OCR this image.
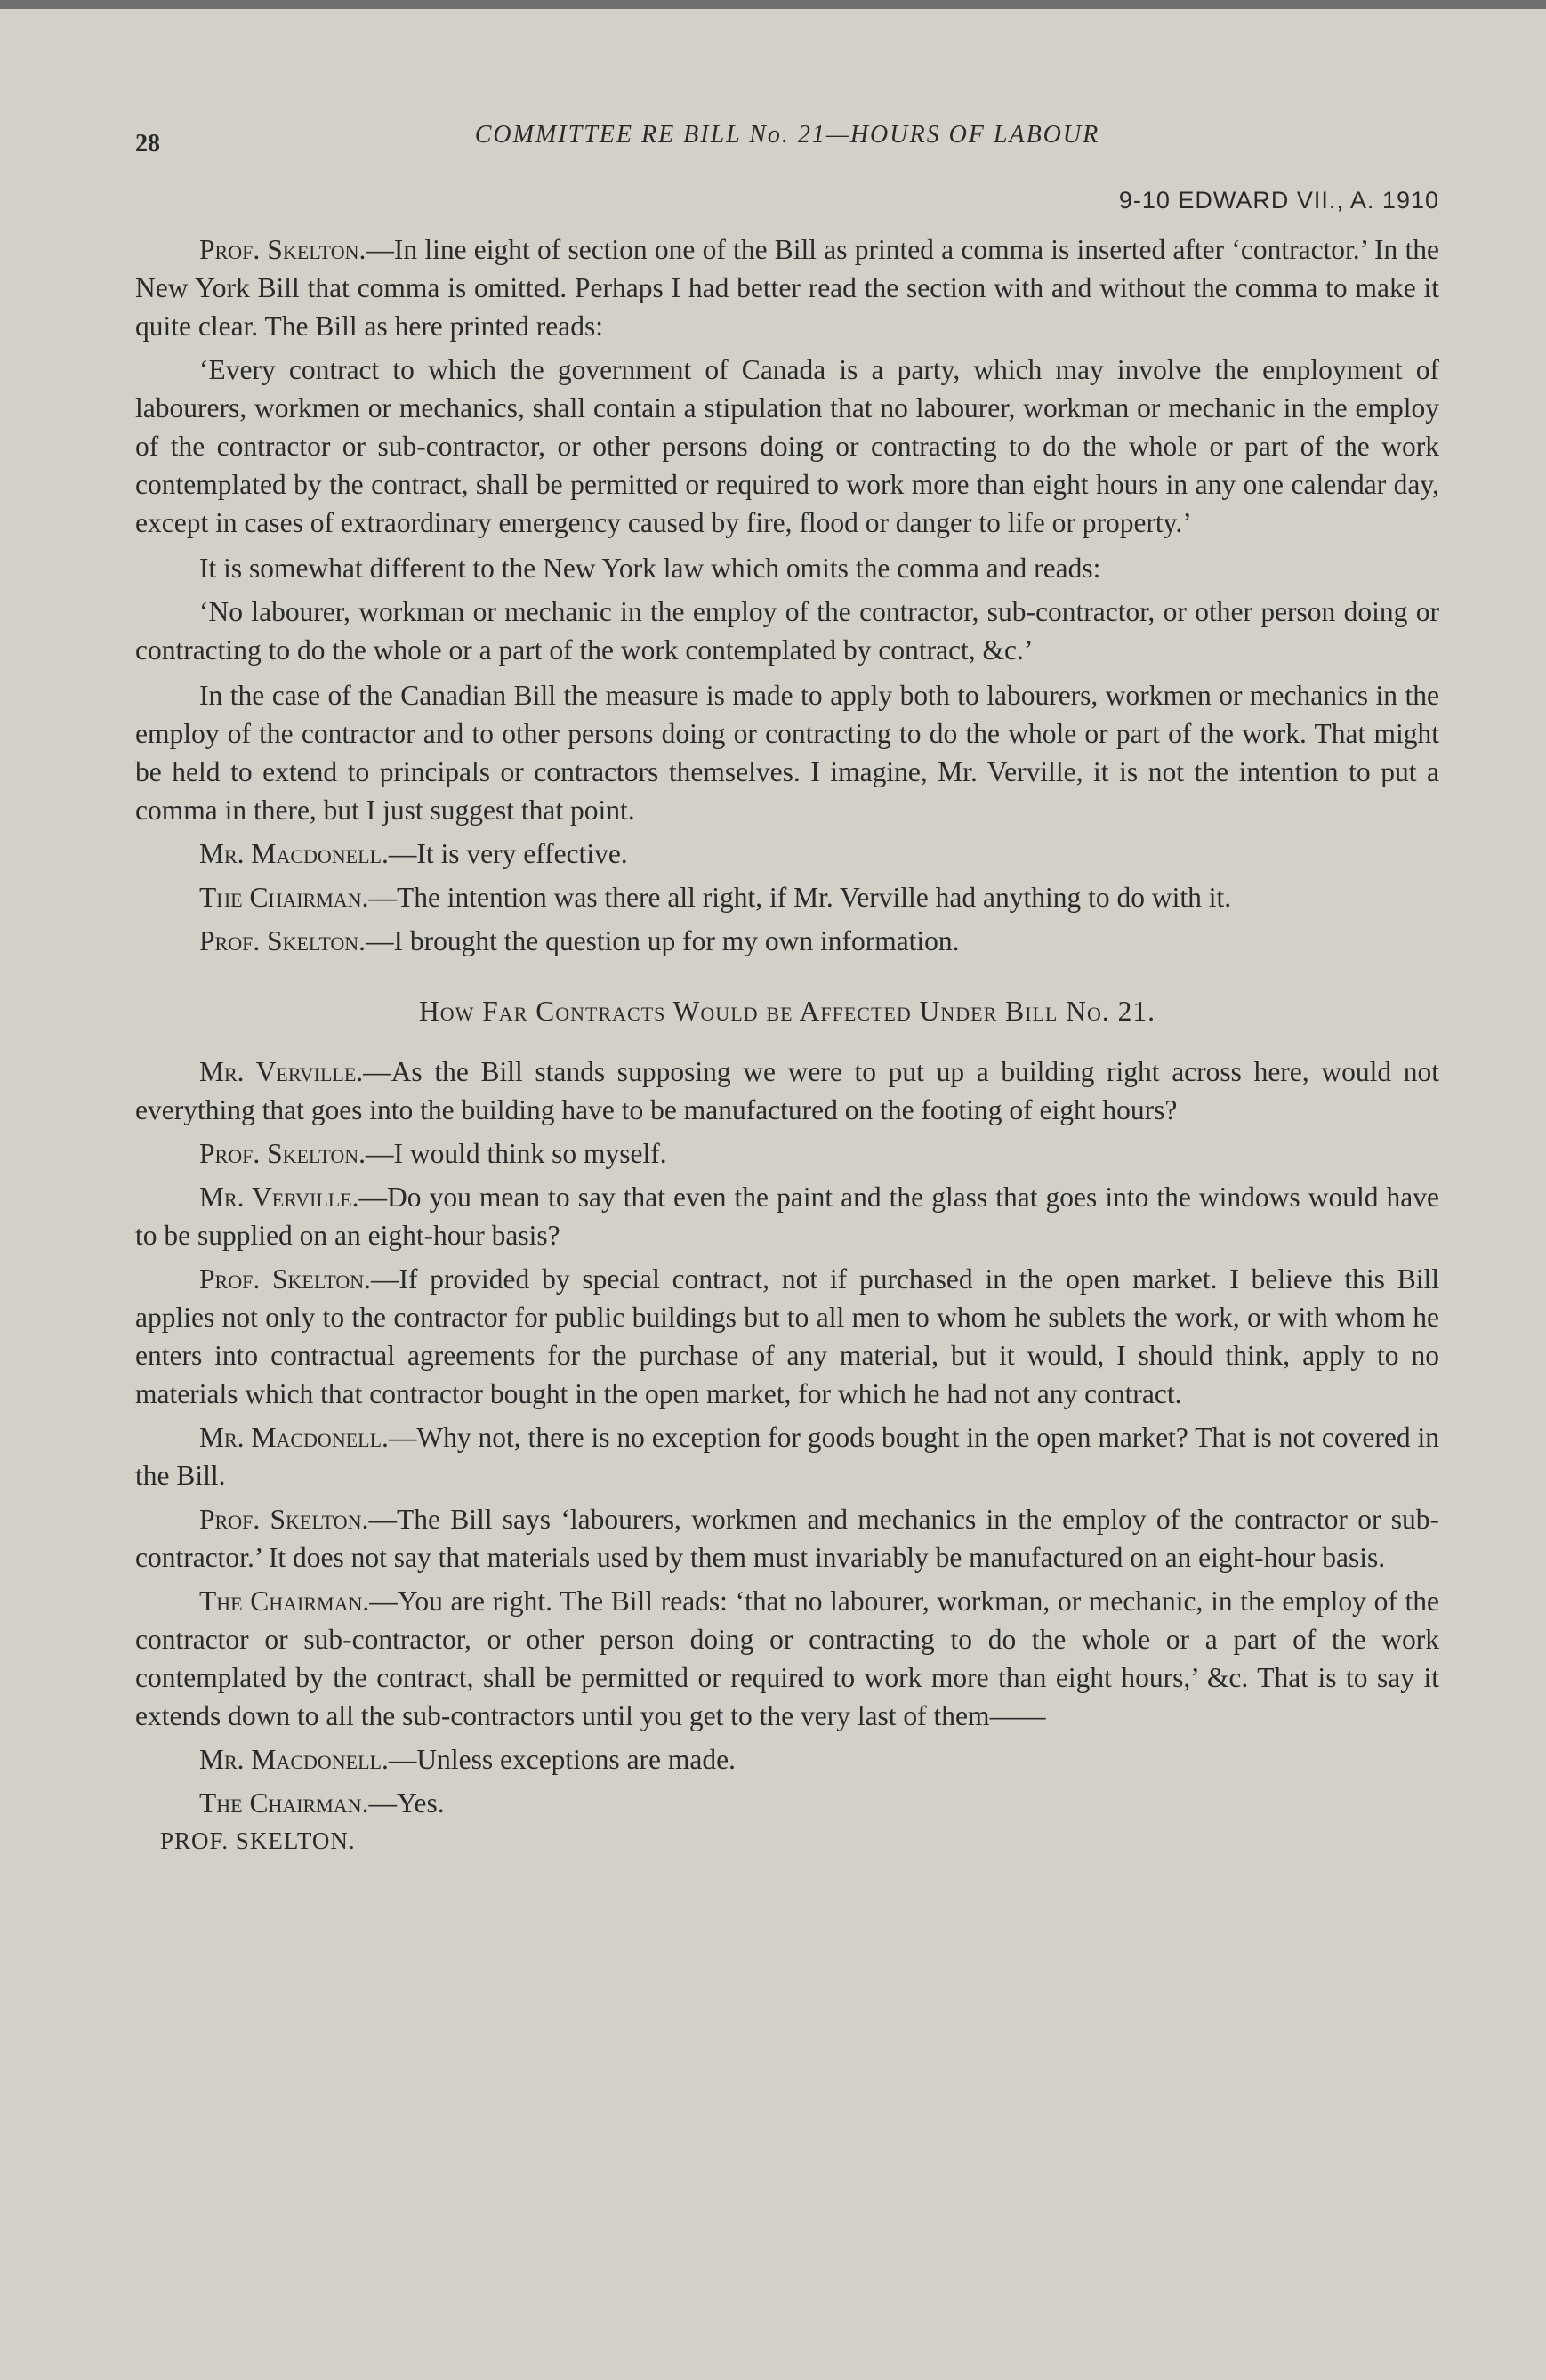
28	COMMITTEE RE BILL No. 21—HOURS OF LABOUR
9-10 EDWARD VII., A. 1910

Prof. Skelton.—In line eight of section one of the Bill as printed a comma is inserted after ‘contractor.’ In the New York Bill that comma is omitted. Perhaps I had better read the section with and without the comma to make it quite clear. The Bill as here printed reads:

‘Every contract to which the government of Canada is a party, which may involve the employment of labourers, workmen or mechanics, shall contain a stipulation that no labourer, workman or mechanic in the employ of the contractor or sub-contractor, or other persons doing or contracting to do the whole or part of the work contemplated by the contract, shall be permitted or required to work more than eight hours in any one calendar day, except in cases of extraordinary emergency caused by fire, flood or danger to life or property.’

It is somewhat different to the New York law which omits the comma and reads:

‘No labourer, workman or mechanic in the employ of the contractor, sub-contractor, or other person doing or contracting to do the whole or a part of the work contemplated by contract, &c.’

In the case of the Canadian Bill the measure is made to apply both to labourers, workmen or mechanics in the employ of the contractor and to other persons doing or contracting to do the whole or part of the work. That might be held to extend to principals or contractors themselves. I imagine, Mr. Verville, it is not the intention to put a comma in there, but I just suggest that point.

Mr. Macdonell.—It is very effective.

The Chairman.—The intention was there all right, if Mr. Verville had anything to do with it.

Prof. Skelton.—I brought the question up for my own information.

How Far Contracts Would be Affected Under Bill No. 21.

Mr. Verville.—As the Bill stands supposing we were to put up a building right across here, would not everything that goes into the building have to be manufactured on the footing of eight hours?

Prof. Skelton.—I would think so myself.

Mr. Verville.—Do you mean to say that even the paint and the glass that goes into the windows would have to be supplied on an eight-hour basis?

Prof. Skelton.—If provided by special contract, not if purchased in the open market. I believe this Bill applies not only to the contractor for public buildings but to all men to whom he sublets the work, or with whom he enters into contractual agreements for the purchase of any material, but it would, I should think, apply to no materials which that contractor bought in the open market, for which he had not any contract.

Mr. Macdonell.—Why not, there is no exception for goods bought in the open market? That is not covered in the Bill.

Prof. Skelton.—The Bill says ‘labourers, workmen and mechanics in the employ of the contractor or sub-contractor.’ It does not say that materials used by them must invariably be manufactured on an eight-hour basis.

The Chairman.—You are right. The Bill reads: ‘that no labourer, workman, or mechanic, in the employ of the contractor or sub-contractor, or other person doing or contracting to do the whole or a part of the work contemplated by the contract, shall be permitted or required to work more than eight hours,’ &c. That is to say it extends down to all the sub-contractors until you get to the very last of them——

Mr. Macdonell.—Unless exceptions are made.

The Chairman.—Yes.

PROF. SKELTON.
